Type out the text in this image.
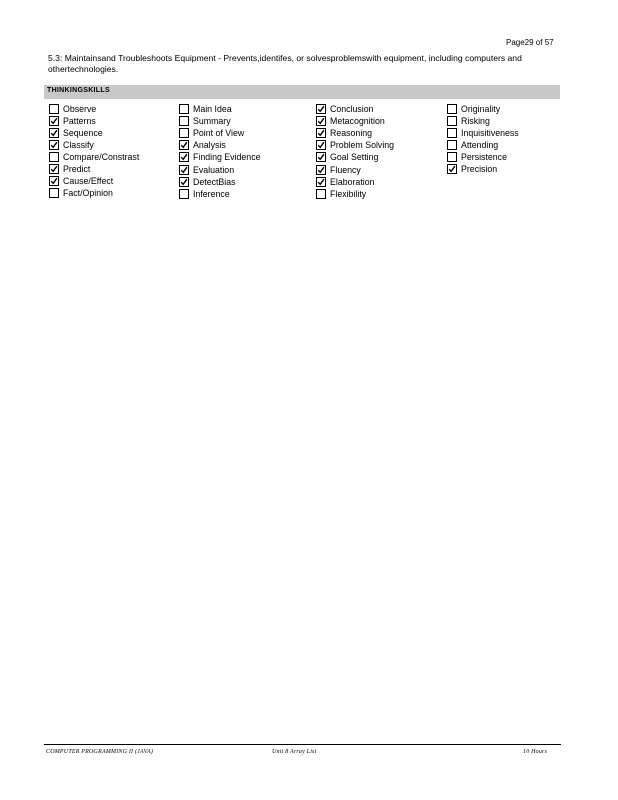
Page29 of 57
5.3: Maintainsand Troubleshoots Equipment - Prevents,identifes, or solvesproblemswith equipment, including computers and othertechnologies.
THINKINGSKILLS
Observe
Patterns
Sequence
Classify
Compare/Constrast
Predict
Cause/Effect
Fact/Opinion
Main Idea
Summary
Point of View
Analysis
Finding Evidence
Evaluation
DetectBias
Inference
Conclusion
Metacognition
Reasoning
Problem Solving
Goal Setting
Fluency
Elaboration
Flexibility
Originality
Risking
Inquisitiveness
Attending
Persistence
Precision
COMPUTER PROGRAMMING II (JAVA)	Unit 8 Array List	10 Hours
